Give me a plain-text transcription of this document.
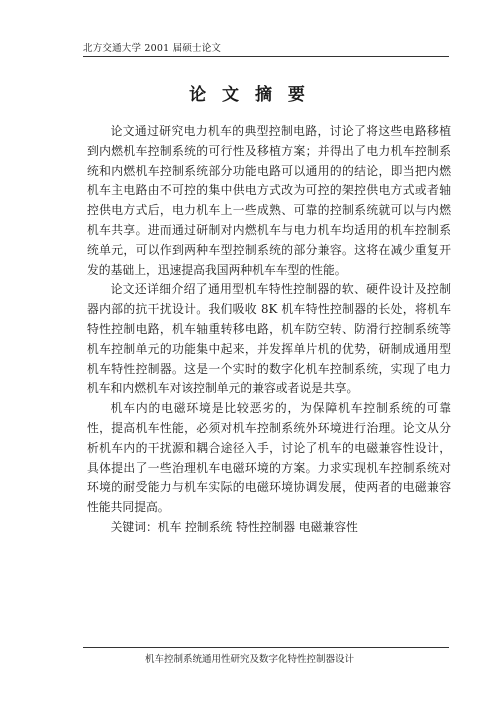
北方交通大学 2001 届硕士论文
论 文 摘 要

论文通过研究电力机车的典型控制电路，讨论了将这些电路移植到内燃机车控制系统的可行性及移植方案；并得出了电力机车控制系统和内燃机车控制系统部分功能电路可以通用的的结论，即当把内燃机车主电路由不可控的集中供电方式改为可控的架控供电方式或者轴控供电方式后，电力机车上一些成熟、可靠的控制系统就可以与内燃机车共享。进而通过研制对内燃机车与电力机车均适用的机车控制系统单元，可以作到两种车型控制系统的部分兼容。这将在减少重复开发的基础上，迅速提高我国两种机车车型的性能。

论文还详细介绍了通用型机车特性控制器的软、硬件设计及控制器内部的抗干扰设计。我们吸收 8K 机车特性控制器的长处，将机车特性控制电路，机车轴重转移电路，机车防空转、防滑行控制系统等机车控制单元的功能集中起来，并发挥单片机的优势，研制成通用型机车特性控制器。这是一个实时的数字化机车控制系统，实现了电力机车和内燃机车对该控制单元的兼容或者说是共享。

机车内的电磁环境是比较恶劣的，为保障机车控制系统的可靠性，提高机车性能，必须对机车控制系统外环境进行治理。论文从分析机车内的干扰源和耦合途径入手，讨论了机车的电磁兼容性设计，具体提出了一些治理机车电磁环境的方案。力求实现机车控制系统对环境的耐受能力与机车实际的电磁环境协调发展，使两者的电磁兼容性能共同提高。

关键词：机车 控制系统 特性控制器 电磁兼容性

机车控制系统通用性研究及数字化特性控制器设计
